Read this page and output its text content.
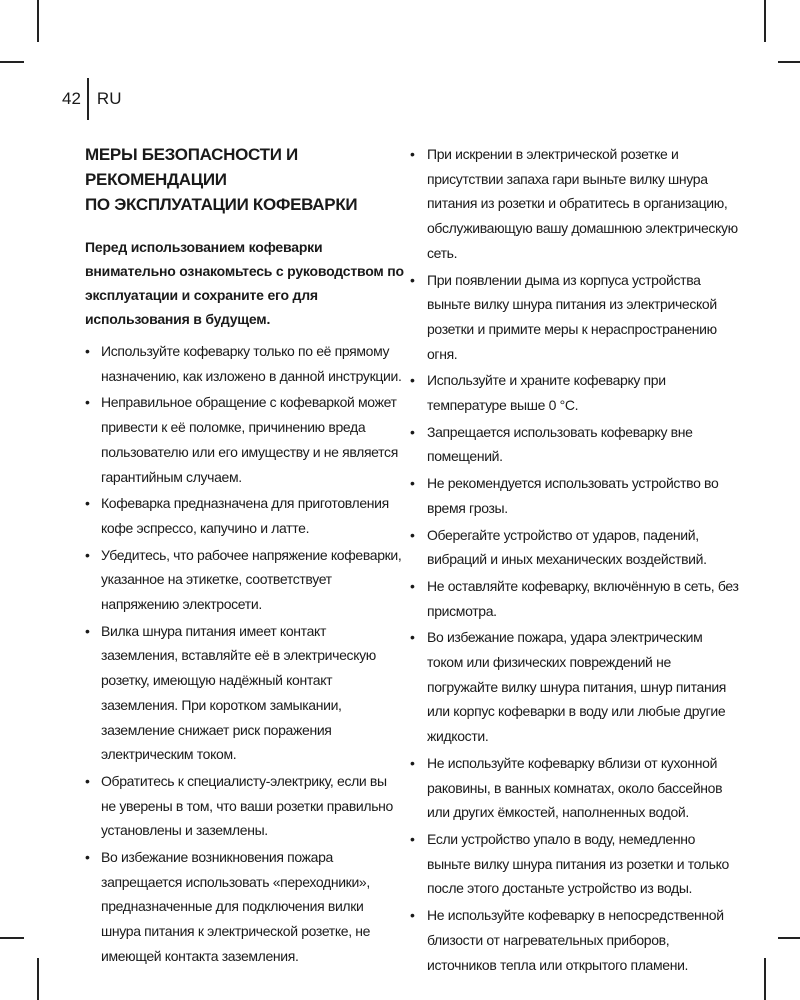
42 RU
МЕРЫ БЕЗОПАСНОСТИ И РЕКОМЕНДАЦИИ
ПО ЭКСПЛУАТАЦИИ КОФЕВАРКИ

Перед использованием кофеварки внимательно ознакомьтесь с руководством по эксплуатации и сохраните его для использования в будущем.

• Используйте кофеварку только по её прямому назначению, как изложено в данной инструкции.
• Неправильное обращение с кофеваркой может привести к её поломке, причинению вреда пользователю или его имуществу и не является гарантийным случаем.
• Кофеварка предназначена для приготовления кофе эспрессо, капучино и латте.
• Убедитесь, что рабочее напряжение кофеварки, указанное на этикетке, соответствует напряжению электросети.
• Вилка шнура питания имеет контакт заземления, вставляйте её в электрическую розетку, имеющую надёжный контакт заземления. При коротком замыкании, заземление снижает риск поражения электрическим током.
• Обратитесь к специалисту-электрику, если вы не уверены в том, что ваши розетки правильно установлены и заземлены.
• Во избежание возникновения пожара запрещается использовать «переходники», предназначенные для подключения вилки шнура питания к электрической розетке, не имеющей контакта заземления.
• При искрении в электрической розетке и присутствии запаха гари выньте вилку шнура питания из розетки и обратитесь в организацию, обслуживающую вашу домашнюю электрическую сеть.
• При появлении дыма из корпуса устройства выньте вилку шнура питания из электрической розетки и примите меры к нераспространению огня.
• Используйте и храните кофеварку при температуре выше 0 °С.
• Запрещается использовать кофеварку вне помещений.
• Не рекомендуется использовать устройство во время грозы.
• Оберегайте устройство от ударов, падений, вибраций и иных механических воздействий.
• Не оставляйте кофеварку, включённую в сеть, без присмотра.
• Во избежание пожара, удара электрическим током или физических повреждений не погружайте вилку шнура питания, шнур питания или корпус кофеварки в воду или любые другие жидкости.
• Не используйте кофеварку вблизи от кухонной раковины, в ванных комнатах, около бассейнов или других ёмкостей, наполненных водой.
• Если устройство упало в воду, немедленно выньте вилку шнура питания из розетки и только после этого достаньте устройство из воды.
• Не используйте кофеварку в непосредственной близости от нагревательных приборов, источников тепла или открытого пламени.
